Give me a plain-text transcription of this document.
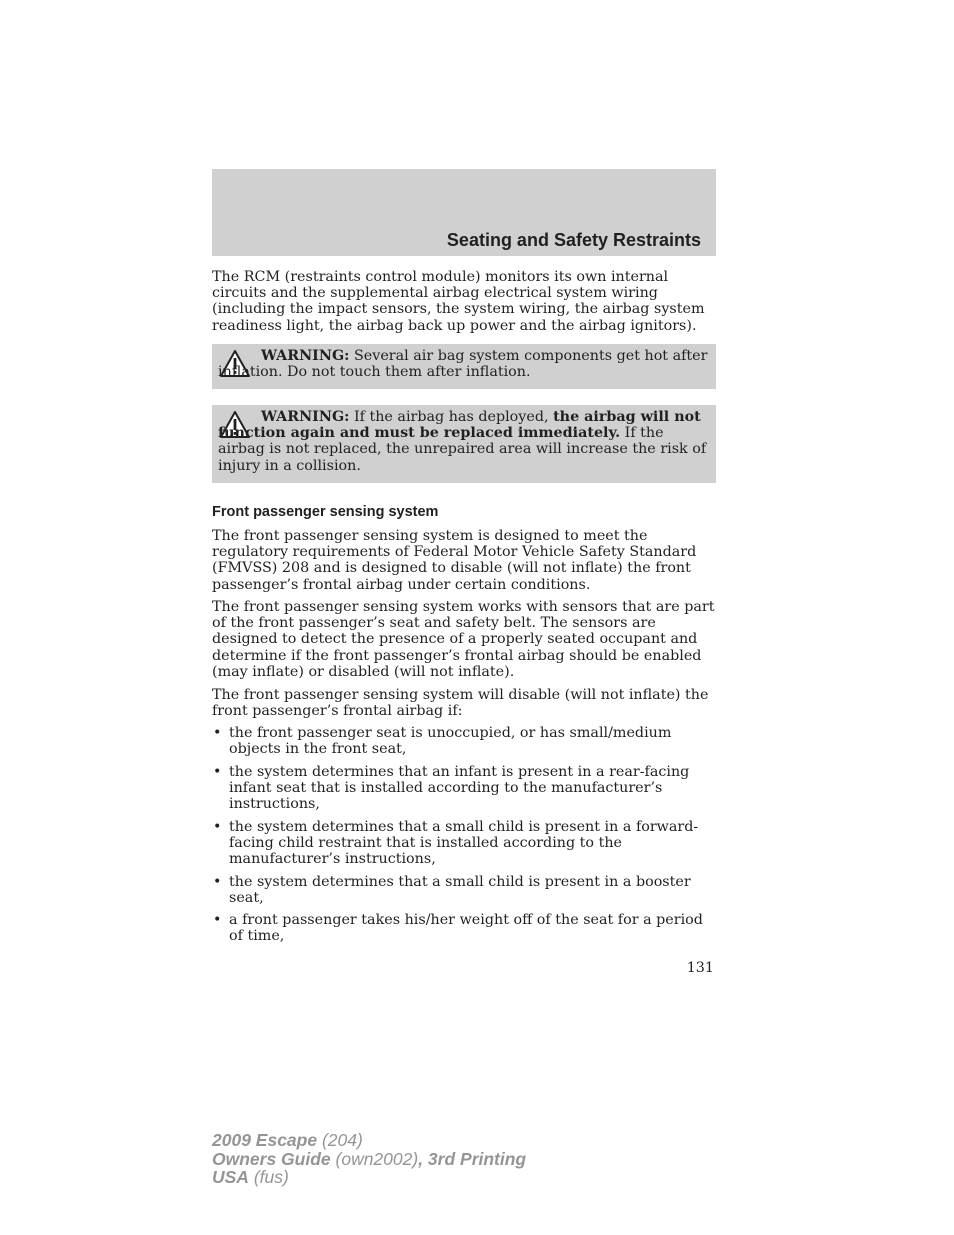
Seating and Safety Restraints

The RCM (restraints control module) monitors its own internal circuits and the supplemental airbag electrical system wiring (including the impact sensors, the system wiring, the airbag system readiness light, the airbag back up power and the airbag ignitors).

WARNING: Several air bag system components get hot after inflation. Do not touch them after inflation.

WARNING: If the airbag has deployed, the airbag will not function again and must be replaced immediately. If the airbag is not replaced, the unrepaired area will increase the risk of injury in a collision.

Front passenger sensing system

The front passenger sensing system is designed to meet the regulatory requirements of Federal Motor Vehicle Safety Standard (FMVSS) 208 and is designed to disable (will not inflate) the front passenger’s frontal airbag under certain conditions.

The front passenger sensing system works with sensors that are part of the front passenger’s seat and safety belt. The sensors are designed to detect the presence of a properly seated occupant and determine if the front passenger’s frontal airbag should be enabled (may inflate) or disabled (will not inflate).

The front passenger sensing system will disable (will not inflate) the front passenger’s frontal airbag if:

• the front passenger seat is unoccupied, or has small/medium objects in the front seat,
• the system determines that an infant is present in a rear-facing infant seat that is installed according to the manufacturer’s instructions,
• the system determines that a small child is present in a forward-facing child restraint that is installed according to the manufacturer’s instructions,
• the system determines that a small child is present in a booster seat,
• a front passenger takes his/her weight off of the seat for a period of time,

131

2009 Escape (204)
Owners Guide (own2002), 3rd Printing
USA (fus)
